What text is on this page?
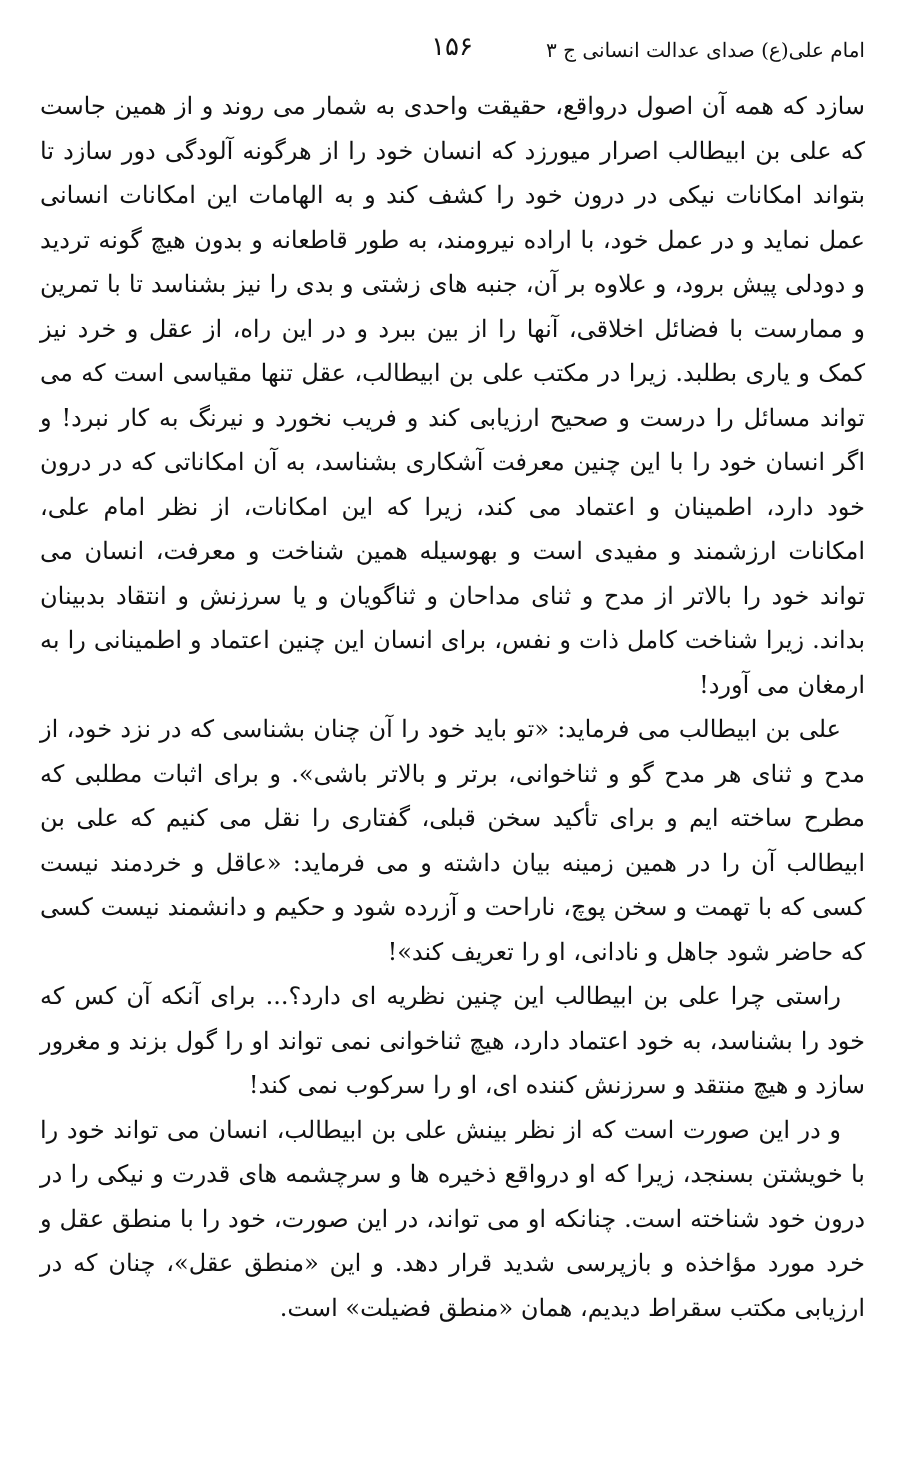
امام علی(ع) صدای عدالت انسانی ج ۳
۱۵۶

سازد که همه آن اصول درواقع، حقیقت واحدی به شمار می روند و از همین جاست که علی بن ابیطالب اصرار میورزد که انسان خود را از هرگونه آلودگی دور سازد تا بتواند امکانات نیکی در درون خود را کشف کند و به الهامات این امکانات انسانی عمل نماید و در عمل خود، با اراده نیرومند، به طور قاطعانه و بدون هیچ گونه تردید و دودلی پیش برود، و علاوه بر آن، جنبه های زشتی و بدی را نیز بشناسد تا با تمرین و ممارست با فضائل اخلاقی، آنها را از بین ببرد و در این راه، از عقل و خرد نیز کمک و یاری بطلبد. زیرا در مکتب علی بن ابیطالب، عقل تنها مقیاسی است که می تواند مسائل را درست و صحیح ارزیابی کند و فریب نخورد و نیرنگ به کار نبرد! و اگر انسان خود را با این چنین معرفت آشکاری بشناسد، به آن امکاناتی که در درون خود دارد، اطمینان و اعتماد می کند، زیرا که این امکانات، از نظر امام علی، امکانات ارزشمند و مفیدی است و بهوسیله همین شناخت و معرفت، انسان می تواند خود را بالاتر از مدح و ثنای مداحان و ثناگویان و یا سرزنش و انتقاد بدبینان بداند. زیرا شناخت کامل ذات و نفس، برای انسان این چنین اعتماد و اطمینانی را به ارمغان می آورد!

علی بن ابیطالب می فرماید: «تو باید خود را آن چنان بشناسی که در نزد خود، از مدح و ثنای هر مدح گو و ثناخوانی، برتر و بالاتر باشی». و برای اثبات مطلبی که مطرح ساخته ایم و برای تأکید سخن قبلی، گفتاری را نقل می کنیم که علی بن ابیطالب آن را در همین زمینه بیان داشته و می فرماید: «عاقل و خردمند نیست کسی که با تهمت و سخن پوچ، ناراحت و آزرده شود و حکیم و دانشمند نیست کسی که حاضر شود جاهل و نادانی، او را تعریف کند»!

راستی چرا علی بن ابیطالب این چنین نظریه ای دارد؟... برای آنکه آن کس که خود را بشناسد، به خود اعتماد دارد، هیچ ثناخوانی نمی تواند او را گول بزند و مغرور سازد و هیچ منتقد و سرزنش کننده ای، او را سرکوب نمی کند!

و در این صورت است که از نظر بینش علی بن ابیطالب، انسان می تواند خود را با خویشتن بسنجد، زیرا که او درواقع ذخیره ها و سرچشمه های قدرت و نیکی را در درون خود شناخته است. چنانکه او می تواند، در این صورت، خود را با منطق عقل و خرد مورد مؤاخذه و بازپرسی شدید قرار دهد. و این «منطق عقل»، چنان که در ارزیابی مکتب سقراط دیدیم، همان «منطق فضیلت» است.
